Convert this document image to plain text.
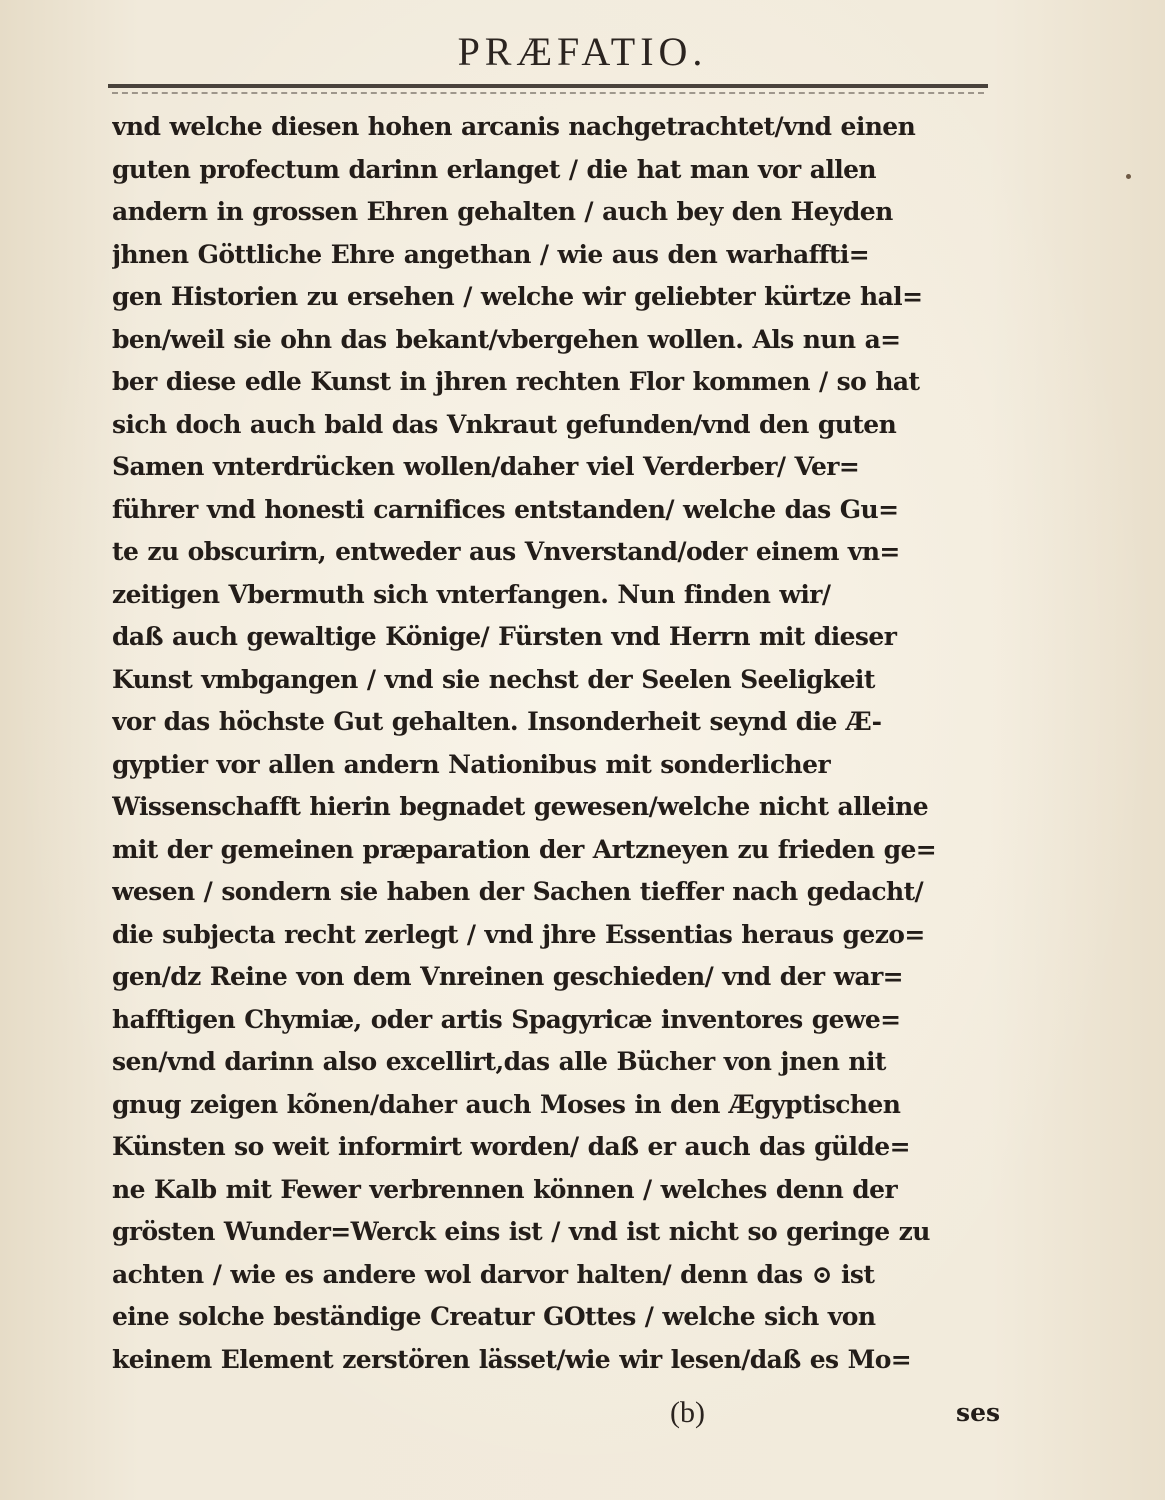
PRÆFATIO.
vnd welche diesen hohen arcanis nachgetrachtet/vnd einen
guten profectum darinn erlanget / die hat man vor allen
andern in grossen Ehren gehalten / auch bey den Heyden
jhnen Göttliche Ehre angethan / wie aus den warhaffti=
gen Historien zu ersehen / welche wir geliebter kürtze hal=
ben/weil sie ohn das bekant/vbergehen wollen. Als nun a=
ber diese edle Kunst in jhren rechten Flor kommen / so hat
sich doch auch bald das Vnkraut gefunden/vnd den guten
Samen vnterdrücken wollen/daher viel Verderber/ Ver=
führer vnd honesti carnifices entstanden/ welche das Gu=
te zu obscurirn, entweder aus Vnverstand/oder einem vn=
zeitigen Vbermuth sich vnterfangen. Nun finden wir/
daß auch gewaltige Könige/ Fürsten vnd Herrn mit dieser
Kunst vmbgangen / vnd sie nechst der Seelen Seeligkeit
vor das höchste Gut gehalten. Insonderheit seynd die Æ-
gyptier vor allen andern Nationibus mit sonderlicher
Wissenschafft hierin begnadet gewesen/welche nicht alleine
mit der gemeinen præparation der Artzneyen zu frieden ge=
wesen / sondern sie haben der Sachen tieffer nach gedacht/
die subjecta recht zerlegt / vnd jhre Essentias heraus gezo=
gen/dz Reine von dem Vnreinen geschieden/ vnd der war=
hafftigen Chymiæ, oder artis Spagyricæ inventores gewe=
sen/vnd darinn also excellirt,das alle Bücher von jnen nit
gnug zeigen kõnen/daher auch Moses in den Ægyptischen
Künsten so weit informirt worden/ daß er auch das gülde=
ne Kalb mit Fewer verbrennen können / welches denn der
grösten Wunder=Werck eins ist / vnd ist nicht so geringe zu
achten / wie es andere wol darvor halten/ denn das ⊙ ist
eine solche beständige Creatur GOttes / welche sich von
keinem Element zerstören lässet/wie wir lesen/daß es Mo=
(b)	ses
